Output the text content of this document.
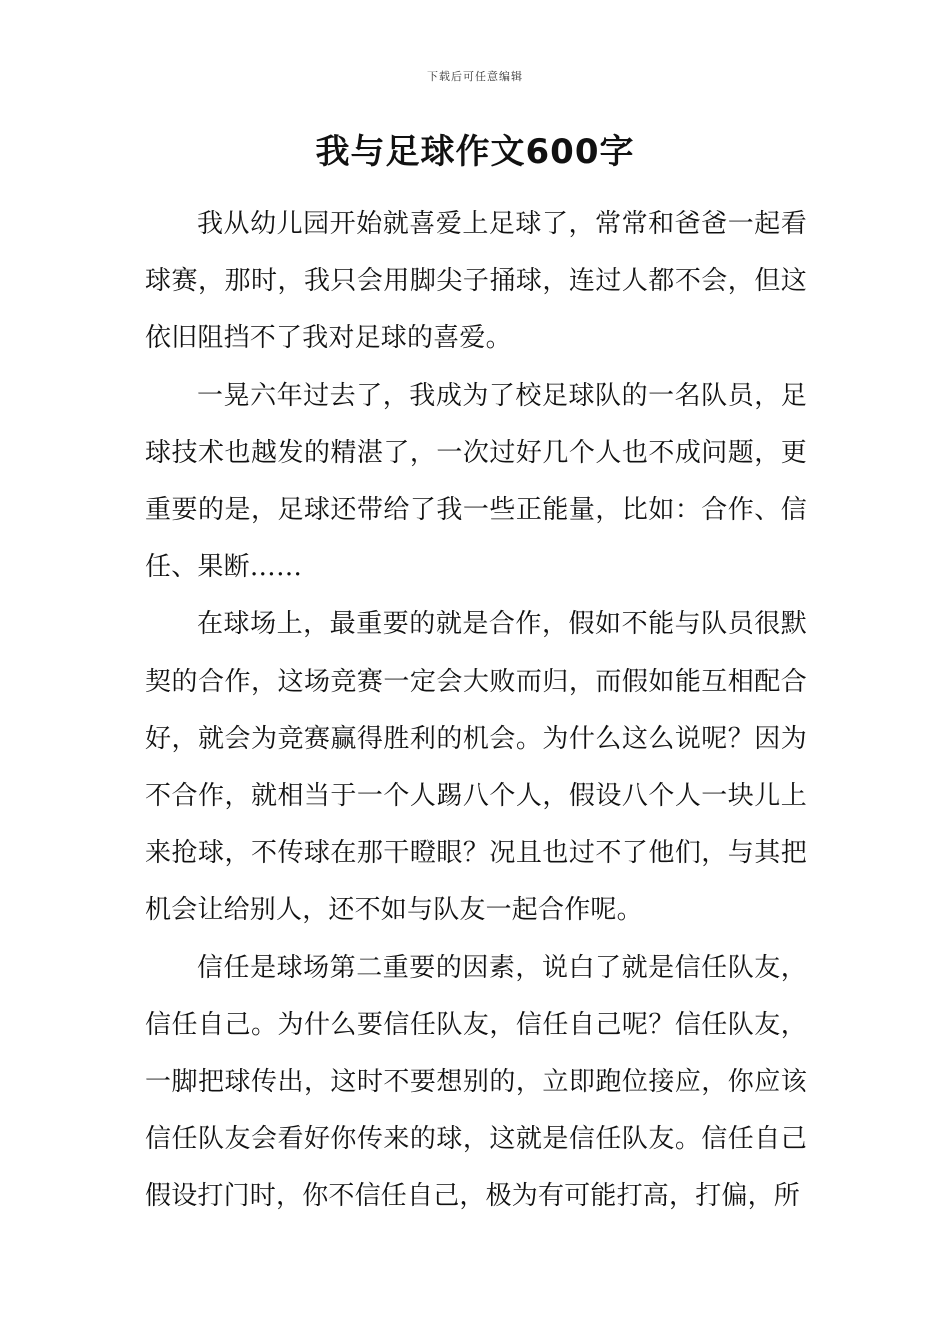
下载后可任意编辑
我与足球作文600字

我从幼儿园开始就喜爱上足球了，常常和爸爸一起看球赛，那时，我只会用脚尖子捅球，连过人都不会，但这依旧阻挡不了我对足球的喜爱。

一晃六年过去了，我成为了校足球队的一名队员，足球技术也越发的精湛了，一次过好几个人也不成问题，更重要的是，足球还带给了我一些正能量，比如：合作、信任、果断……

在球场上，最重要的就是合作，假如不能与队员很默契的合作，这场竞赛一定会大败而归，而假如能互相配合好，就会为竞赛赢得胜利的机会。为什么这么说呢？因为不合作，就相当于一个人踢八个人，假设八个人一块儿上来抢球，不传球在那干瞪眼？况且也过不了他们，与其把机会让给别人，还不如与队友一起合作呢。

信任是球场第二重要的因素，说白了就是信任队友，信任自己。为什么要信任队友，信任自己呢？信任队友，一脚把球传出，这时不要想别的，立即跑位接应，你应该信任队友会看好你传来的球，这就是信任队友。信任自己假设打门时，你不信任自己，极为有可能打高，打偏，所
